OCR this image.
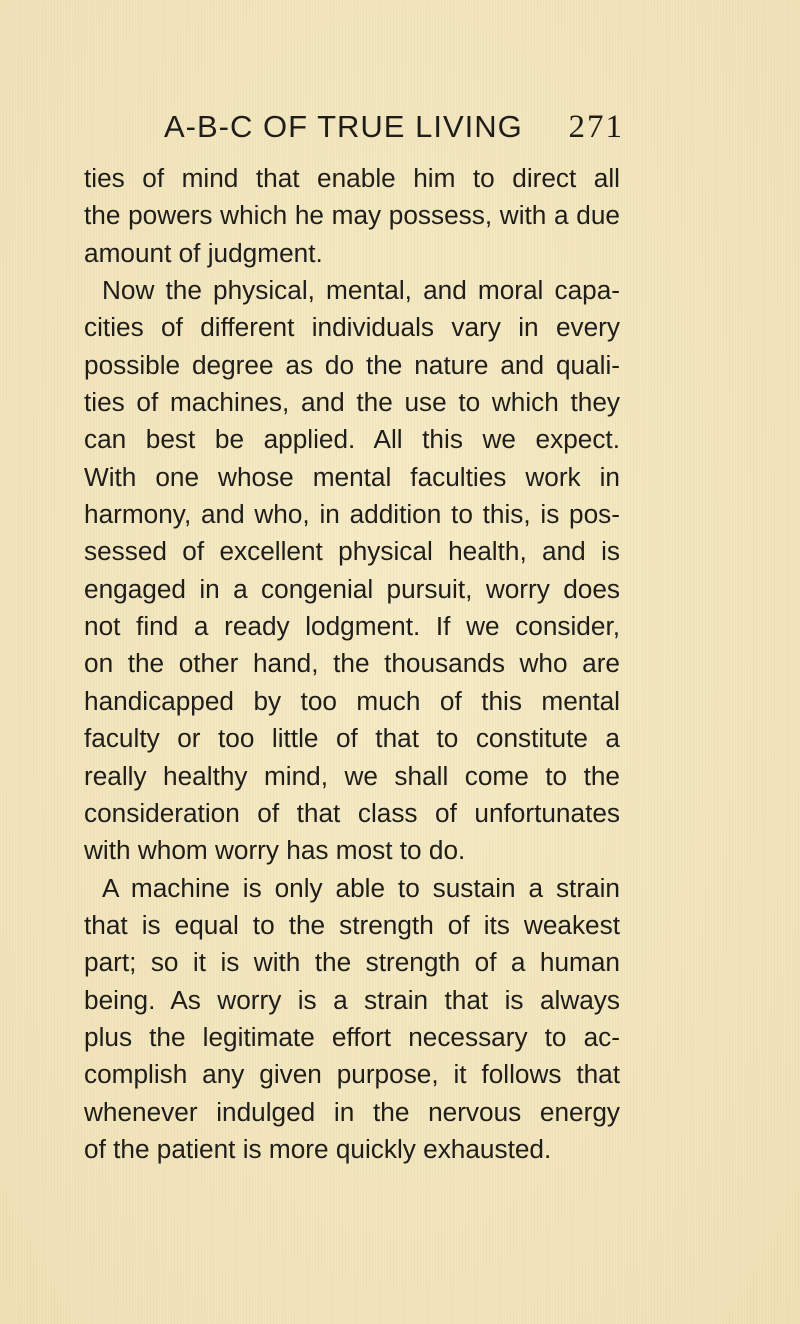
A-B-C OF TRUE LIVING 271
ties of mind that enable him to direct all
the powers which he may possess, with a due
amount of judgment.
Now the physical, mental, and moral capa-
cities of different individuals vary in every
possible degree as do the nature and quali-
ties of machines, and the use to which they
can best be applied. All this we expect.
With one whose mental faculties work in
harmony, and who, in addition to this, is pos-
sessed of excellent physical health, and is
engaged in a congenial pursuit, worry does
not find a ready lodgment. If we consider,
on the other hand, the thousands who are
handicapped by too much of this mental
faculty or too little of that to constitute a
really healthy mind, we shall come to the
consideration of that class of unfortunates
with whom worry has most to do.
A machine is only able to sustain a strain
that is equal to the strength of its weakest
part; so it is with the strength of a human
being. As worry is a strain that is always
plus the legitimate effort necessary to ac-
complish any given purpose, it follows that
whenever indulged in the nervous energy
of the patient is more quickly exhausted.
